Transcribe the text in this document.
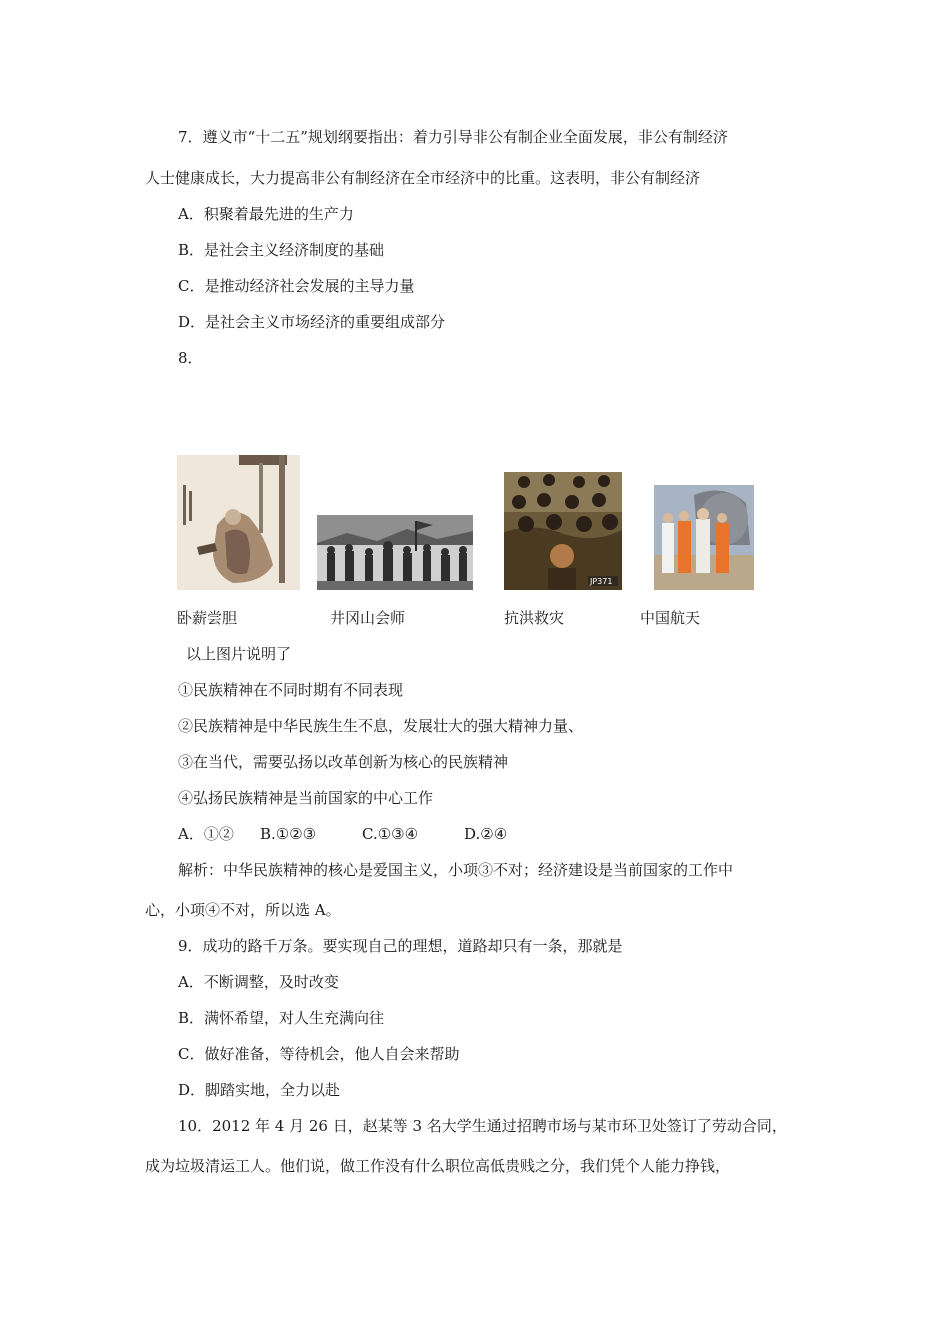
7．遵义市“十二五”规划纲要指出：着力引导非公有制企业全面发展，非公有制经济
人士健康成长，大力提高非公有制经济在全市经济中的比重。这表明，非公有制经济
A．积聚着最先进的生产力
B．是社会主义经济制度的基础
C．是推动经济社会发展的主导力量
D．是社会主义市场经济的重要组成部分
8．
JP371
卧薪尝胆	井冈山会师	抗洪救灾	中国航天
以上图片说明了
①民族精神在不同时期有不同表现
②民族精神是中华民族生生不息，发展壮大的强大精神力量、
③在当代，需要弘扬以改革创新为核心的民族精神
④弘扬民族精神是当前国家的中心工作
A．①② B.①②③	C.①③④	D.②④
解析：中华民族精神的核心是爱国主义，小项③不对；经济建设是当前国家的工作中
心，小项④不对，所以选 A。
9．成功的路千万条。要实现自己的理想，道路却只有一条，那就是
A．不断调整，及时改变
B．满怀希望，对人生充满向往
C．做好准备，等待机会，他人自会来帮助
D．脚踏实地，全力以赴
10．2012 年 4 月 26 日，赵某等 3 名大学生通过招聘市场与某市环卫处签订了劳动合同，
成为垃圾清运工人。他们说，做工作没有什么职位高低贵贱之分，我们凭个人能力挣钱，
